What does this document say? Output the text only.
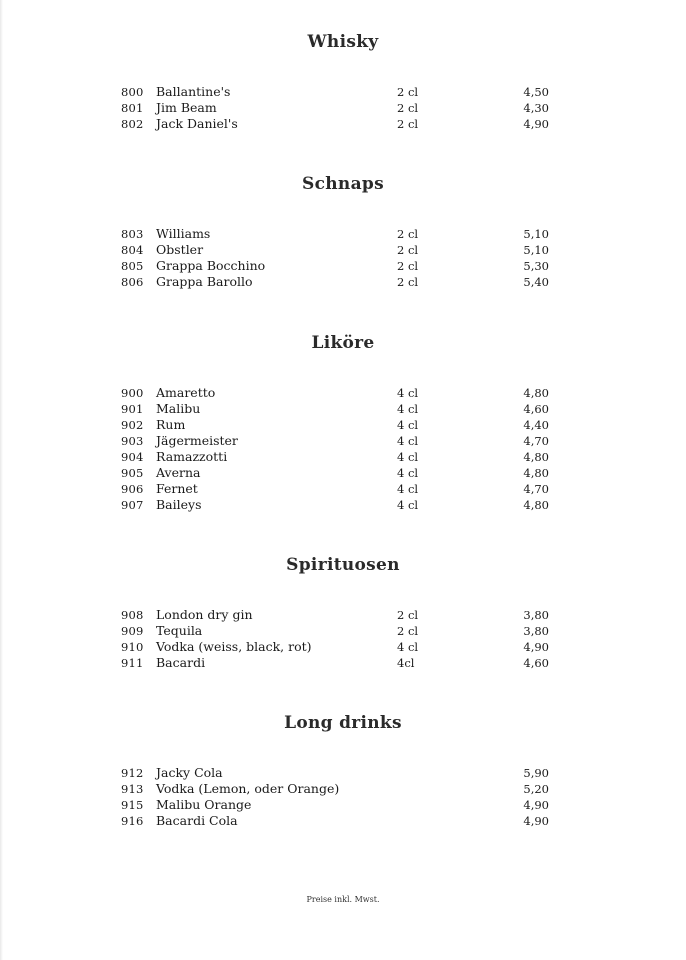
Whisky
800 Ballantine's	2 cl	4,50
801 Jim Beam	2 cl	4,30
802 Jack Daniel's	2 cl	4,90
Schnaps
803 Williams	2 cl	5,10
804 Obstler	2 cl	5,10
805 Grappa Bocchino	2 cl	5,30
806 Grappa Barollo	2 cl	5,40
Liköre
900 Amaretto	4 cl	4,80
901 Malibu	4 cl	4,60
902 Rum	4 cl	4,40
903 Jägermeister	4 cl	4,70
904 Ramazzotti	4 cl	4,80
905 Averna	4 cl	4,80
906 Fernet	4 cl	4,70
907 Baileys	4 cl	4,80
Spirituosen
908 London dry gin	2 cl	3,80
909 Tequila	2 cl	3,80
910 Vodka (weiss, black, rot)	4 cl	4,90
911 Bacardi	4cl	4,60
Long drinks
912 Jacky Cola	5,90
913 Vodka (Lemon, oder Orange)	5,20
915 Malibu Orange	4,90
916 Bacardi Cola	4,90
Preise inkl. Mwst.
